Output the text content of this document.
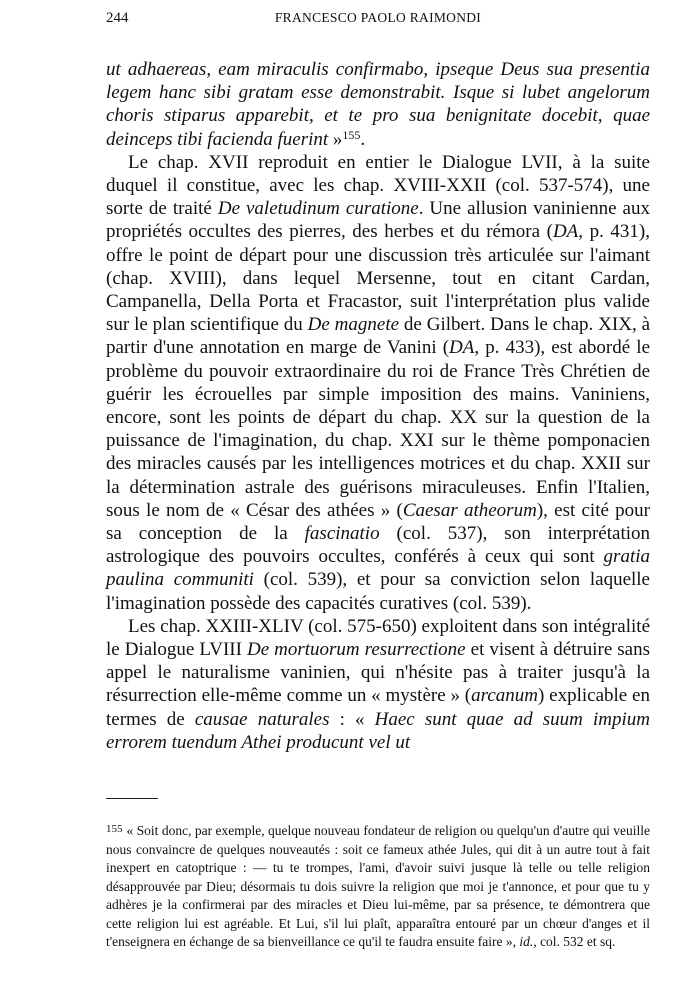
244	FRANCESCO PAOLO RAIMONDI

ut adhaereas, eam miraculis confirmabo, ipseque Deus sua presentia legem hanc sibi gratam esse demonstrabit. Isque si lubet angelorum choris stiparus apparebit, et te pro sua benignitate docebit, quae deinceps tibi facienda fuerint »$^{155}$.

Le chap. XVII reproduit en entier le Dialogue LVII, à la suite duquel il constitue, avec les chap. XVIII-XXII (col. 537-574), une sorte de traité De valetudinum curatione. Une allusion vaninienne aux propriétés occultes des pierres, des herbes et du rémora (DA, p. 431), offre le point de départ pour une discussion très articulée sur l'aimant (chap. XVIII), dans lequel Mersenne, tout en citant Cardan, Campanella, Della Porta et Fracastor, suit l'interprétation plus valide sur le plan scientifique du De magnete de Gilbert. Dans le chap. XIX, à partir d'une annotation en marge de Vanini (DA, p. 433), est abordé le problème du pouvoir extraordinaire du roi de France Très Chrétien de guérir les écrouelles par simple imposition des mains. Vaniniens, encore, sont les points de départ du chap. XX sur la question de la puissance de l'imagination, du chap. XXI sur le thème pomponacien des miracles causés par les intelligences motrices et du chap. XXII sur la détermination astrale des guérisons miraculeuses. Enfin l'Italien, sous le nom de « César des athées » (Caesar atheorum), est cité pour sa conception de la fascinatio (col. 537), son interprétation astrologique des pouvoirs occultes, conférés à ceux qui sont gratia paulina communiti (col. 539), et pour sa conviction selon laquelle l'imagination possède des capacités curatives (col. 539).

Les chap. XXIII-XLIV (col. 575-650) exploitent dans son intégralité le Dialogue LVIII De mortuorum resurrectione et visent à détruire sans appel le naturalisme vaninien, qui n'hésite pas à traiter jusqu'à la résurrection elle-même comme un « mystère » (arcanum) explicable en termes de causae naturales : « Haec sunt quae ad suum impium errorem tuendum Athei producunt vel ut

$^{155}$ « Soit donc, par exemple, quelque nouveau fondateur de religion ou quelqu'un d'autre qui veuille nous convaincre de quelques nouveautés : soit ce fameux athée Jules, qui dit à un autre tout à fait inexpert en catoptrique : — tu te trompes, l'ami, d'avoir suivi jusque là telle ou telle religion désapprouvée par Dieu; désormais tu dois suivre la religion que moi je t'annonce, et pour que tu y adhères je la confirmerai par des miracles et Dieu lui-même, par sa présence, te démontrera que cette religion lui est agréable. Et Lui, s'il lui plaît, apparaîtra entouré par un chœur d'anges et il t'enseignera en échange de sa bienveillance ce qu'il te faudra ensuite faire », id., col. 532 et sq.
